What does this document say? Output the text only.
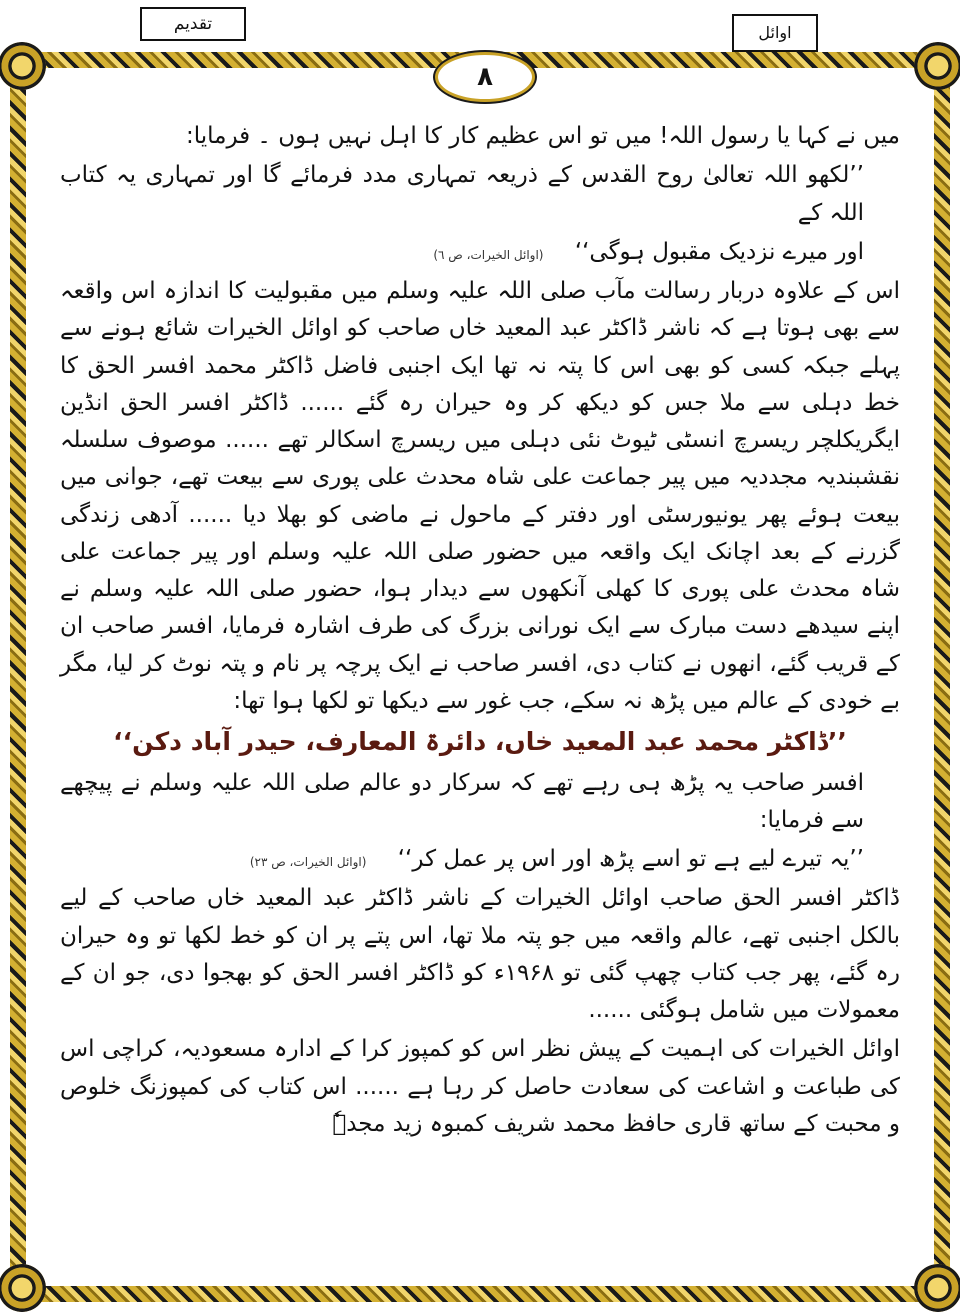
تقدیم	اوائل
۸

میں نے کہا یا رسول اللہ! میں تو اس عظیم کار کا اہل نہیں ہوں ۔ فرمایا:

’’لکھو اللہ تعالیٰ روح القدس کے ذریعہ تمہاری مدد فرمائے گا اور تمہاری یہ کتاب اللہ کے

اور میرے نزدیک مقبول ہوگی‘‘ (اوائل الخیرات، ص ٦)

اس کے علاوہ دربار رسالت مآب صلی اللہ علیہ وسلم میں مقبولیت کا اندازہ اس واقعہ سے بھی ہوتا ہے کہ ناشر ڈاکٹر عبد المعید خاں صاحب کو اوائل الخیرات شائع ہونے سے پہلے جبکہ کسی کو بھی اس کا پتہ نہ تھا ایک اجنبی فاضل ڈاکٹر محمد افسر الحق کا خط دہلی سے ملا جس کو دیکھ کر وہ حیران رہ گئے ...... ڈاکٹر افسر الحق انڈین ایگریکلچر ریسرچ انسٹی ٹیوٹ نئی دہلی میں ریسرچ اسکالر تھے ...... موصوف سلسلہ نقشبندیہ مجددیہ میں پیر جماعت علی شاہ محدث علی پوری سے بیعت تھے، جوانی میں بیعت ہوئے پھر یونیورسٹی اور دفتر کے ماحول نے ماضی کو بھلا دیا ...... آدھی زندگی گزرنے کے بعد اچانک ایک واقعہ میں حضور صلی اللہ علیہ وسلم اور پیر جماعت علی شاہ محدث علی پوری کا کھلی آنکھوں سے دیدار ہوا، حضور صلی اللہ علیہ وسلم نے اپنے سیدھے دست مبارک سے ایک نورانی بزرگ کی طرف اشارہ فرمایا، افسر صاحب ان کے قریب گئے، انھوں نے کتاب دی، افسر صاحب نے ایک پرچہ پر نام و پتہ نوٹ کر لیا، مگر بے خودی کے عالم میں پڑھ نہ سکے، جب غور سے دیکھا تو لکھا ہوا تھا:

’’ڈاکٹر محمد عبد المعید خاں، دائرۃ المعارف، حیدر آباد دکن‘‘

افسر صاحب یہ پڑھ ہی رہے تھے کہ سرکار دو عالم صلی اللہ علیہ وسلم نے پیچھے سے فرمایا:

’’یہ تیرے لیے ہے تو اسے پڑھ اور اس پر عمل کر‘‘ (اوائل الخیرات، ص ٢٣)

ڈاکٹر افسر الحق صاحب اوائل الخیرات کے ناشر ڈاکٹر عبد المعید خاں صاحب کے لیے بالکل اجنبی تھے، عالم واقعہ میں جو پتہ ملا تھا، اس پتے پر ان کو خط لکھا تو وہ حیران رہ گئے، پھر جب کتاب چھپ گئی تو ۱۹۶۸ء کو ڈاکٹر افسر الحق کو بھجوا دی، جو ان کے معمولات میں شامل ہوگئی ......

اوائل الخیرات کی اہمیت کے پیش نظر اس کو کمپوز کرا کے ادارہ مسعودیہ، کراچی اس کی طباعت و اشاعت کی سعادت حاصل کر رہا ہے ...... اس کتاب کی کمپوزنگ خلوص و محبت کے ساتھ قاری حافظ محمد شریف کمبوہ زید مجدہٗ
